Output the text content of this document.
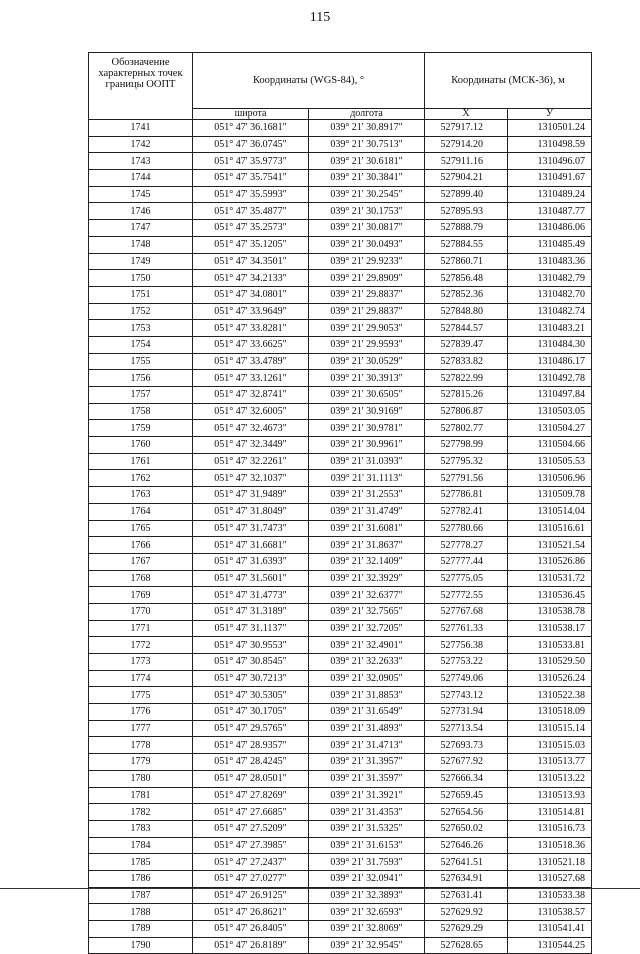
115
Обозначение характерных точек границы ООПТ	Координаты (WGS-84), °		Координаты (МСК-36), м	
	широта	долгота	X	У
1741	051° 47' 36.1681"	039° 21' 30.8917"	527917.12	1310501.24
1742	051° 47' 36.0745"	039° 21' 30.7513"	527914.20	1310498.59
1743	051° 47' 35.9773"	039° 21' 30.6181"	527911.16	1310496.07
1744	051° 47' 35.7541"	039° 21' 30.3841"	527904.21	1310491.67
1745	051° 47' 35.5993"	039° 21' 30.2545"	527899.40	1310489.24
1746	051° 47' 35.4877"	039° 21' 30.1753"	527895.93	1310487.77
1747	051° 47' 35.2573"	039° 21' 30.0817"	527888.79	1310486.06
1748	051° 47' 35.1205"	039° 21' 30.0493"	527884.55	1310485.49
1749	051° 47' 34.3501"	039° 21' 29.9233"	527860.71	1310483.36
1750	051° 47' 34.2133"	039° 21' 29.8909"	527856.48	1310482.79
1751	051° 47' 34.0801"	039° 21' 29.8837"	527852.36	1310482.70
1752	051° 47' 33.9649"	039° 21' 29.8837"	527848.80	1310482.74
1753	051° 47' 33.8281"	039° 21' 29.9053"	527844.57	1310483.21
1754	051° 47' 33.6625"	039° 21' 29.9593"	527839.47	1310484.30
1755	051° 47' 33.4789"	039° 21' 30.0529"	527833.82	1310486.17
1756	051° 47' 33.1261"	039° 21' 30.3913"	527822.99	1310492.78
1757	051° 47' 32.8741"	039° 21' 30.6505"	527815.26	1310497.84
1758	051° 47' 32.6005"	039° 21' 30.9169"	527806.87	1310503.05
1759	051° 47' 32.4673"	039° 21' 30.9781"	527802.77	1310504.27
1760	051° 47' 32.3449"	039° 21' 30.9961"	527798.99	1310504.66
1761	051° 47' 32.2261"	039° 21' 31.0393"	527795.32	1310505.53
1762	051° 47' 32.1037"	039° 21' 31.1113"	527791.56	1310506.96
1763	051° 47' 31.9489"	039° 21' 31.2553"	527786.81	1310509.78
1764	051° 47' 31.8049"	039° 21' 31.4749"	527782.41	1310514.04
1765	051° 47' 31.7473"	039° 21' 31.6081"	527780.66	1310516.61
1766	051° 47' 31.6681"	039° 21' 31.8637"	527778.27	1310521.54
1767	051° 47' 31.6393"	039° 21' 32.1409"	527777.44	1310526.86
1768	051° 47' 31.5601"	039° 21' 32.3929"	527775.05	1310531.72
1769	051° 47' 31.4773"	039° 21' 32.6377"	527772.55	1310536.45
1770	051° 47' 31.3189"	039° 21' 32.7565"	527767.68	1310538.78
1771	051° 47' 31.1137"	039° 21' 32.7205"	527761.33	1310538.17
1772	051° 47' 30.9553"	039° 21' 32.4901"	527756.38	1310533.81
1773	051° 47' 30.8545"	039° 21' 32.2633"	527753.22	1310529.50
1774	051° 47' 30.7213"	039° 21' 32.0905"	527749.06	1310526.24
1775	051° 47' 30.5305"	039° 21' 31.8853"	527743.12	1310522.38
1776	051° 47' 30.1705"	039° 21' 31.6549"	527731.94	1310518.09
1777	051° 47' 29.5765"	039° 21' 31.4893"	527713.54	1310515.14
1778	051° 47' 28.9357"	039° 21' 31.4713"	527693.73	1310515.03
1779	051° 47' 28.4245"	039° 21' 31.3957"	527677.92	1310513.77
1780	051° 47' 28.0501"	039° 21' 31.3597"	527666.34	1310513.22
1781	051° 47' 27.8269"	039° 21' 31.3921"	527659.45	1310513.93
1782	051° 47' 27.6685"	039° 21' 31.4353"	527654.56	1310514.81
1783	051° 47' 27.5209"	039° 21' 31.5325"	527650.02	1310516.73
1784	051° 47' 27.3985"	039° 21' 31.6153"	527646.26	1310518.36
1785	051° 47' 27.2437"	039° 21' 31.7593"	527641.51	1310521.18
1786	051° 47' 27.0277"	039° 21' 32.0941"	527634.91	1310527.68
1787	051° 47' 26.9125"	039° 21' 32.3893"	527631.41	1310533.38
1788	051° 47' 26.8621"	039° 21' 32.6593"	527629.92	1310538.57
1789	051° 47' 26.8405"	039° 21' 32.8069"	527629.29	1310541.41
1790	051° 47' 26.8189"	039° 21' 32.9545"	527628.65	1310544.25
